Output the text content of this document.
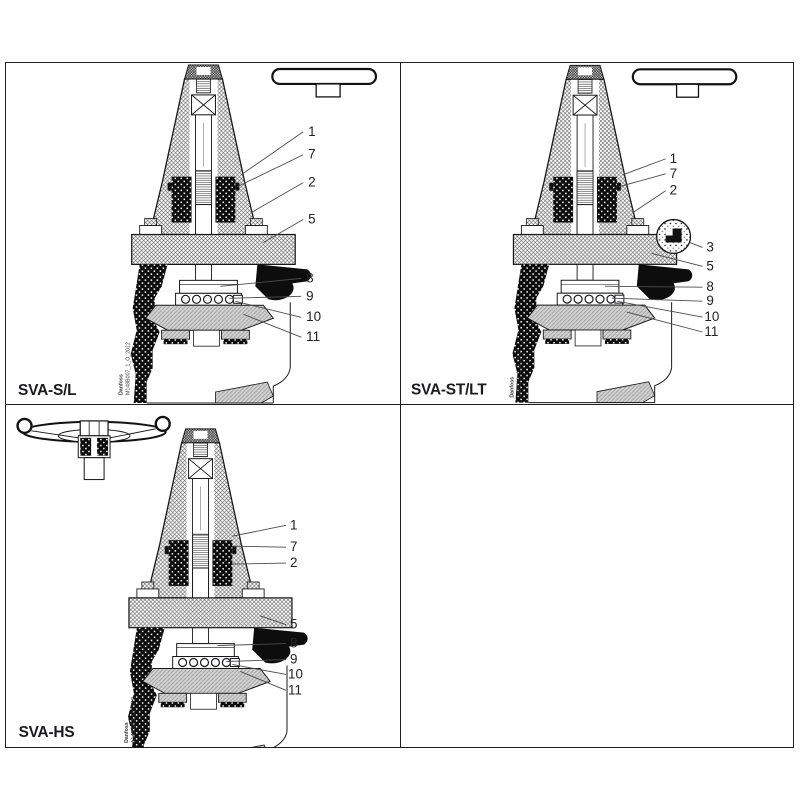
1
7
2
5
8
9
10
11
Danfoss M148B007_1_O_2012
SVA-S/L
1
7
2
3
5
8
9
10
11
Danfoss 148B119_1_O_2012
SVA-ST/LT
1
7
2
5
8
9
10
11
Danfoss A148B243_O_2012
SVA-HS
